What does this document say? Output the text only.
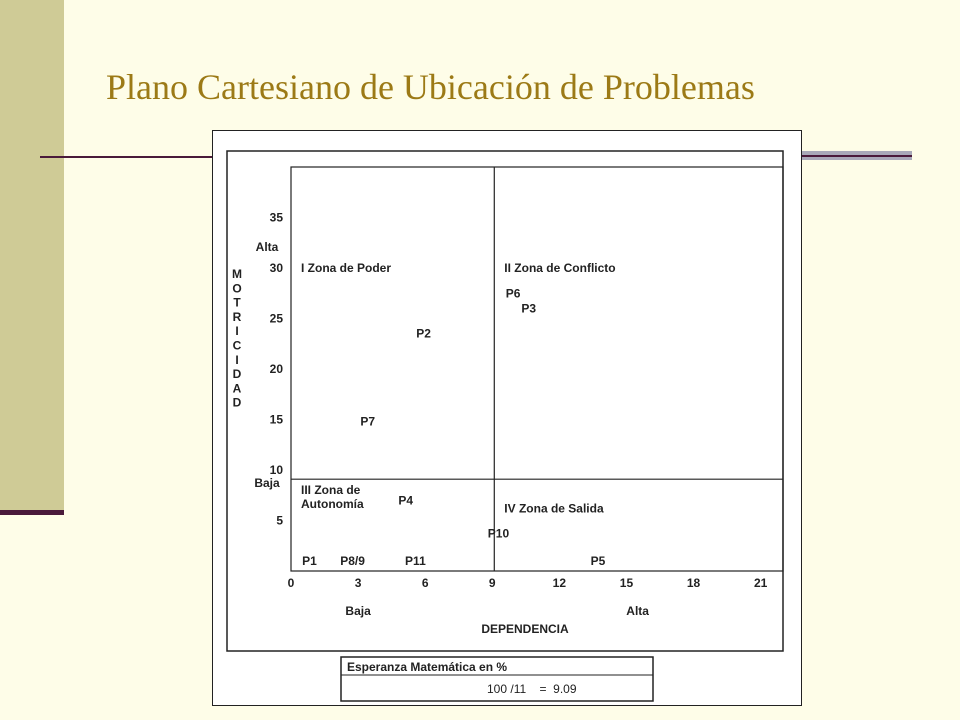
Plano Cartesiano de Ubicación de Problemas
5
10
15
20
25
30
35
0	3	6	9	12	15	18	21
Alta
Baja
M
O
T
R
I
C
I
D
A
D
Baja	Alta
DEPENDENCIA
I Zona de Poder	II Zona de Conflicto
III Zona de
Autonomía	IV Zona de Salida
P1
P2
P3
P4
P5
P6
P7
P8/9
P10
P11
Esperanza Matemática en %
100 /11    =  9.09
